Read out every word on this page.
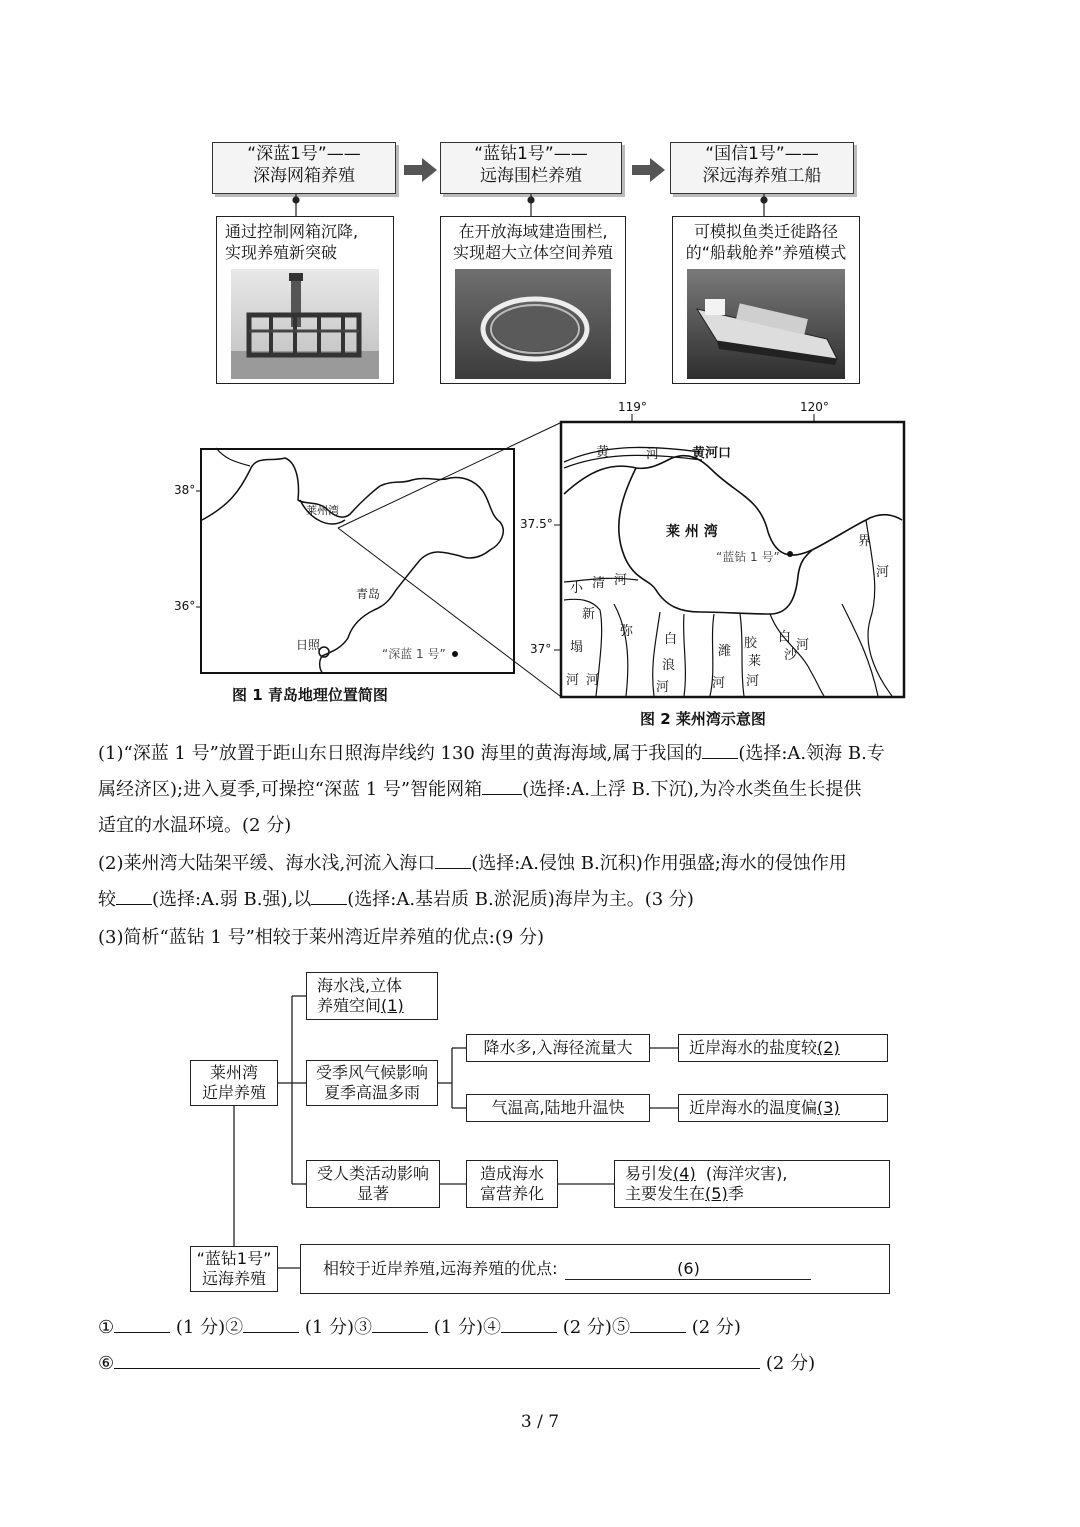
“深蓝1号”——
深海网箱养殖
“蓝钻1号”——
远海围栏养殖
“国信1号”——
深远海养殖工船
通过控制网箱沉降,
实现养殖新突破
在开放海域建造围栏,
实现超大立体空间养殖
可模拟鱼类迁徙路径
的“船载舱养”养殖模式
38°
36°
莱州湾
青岛
日照
“深蓝 1 号”
图 1 青岛地理位置简图
119°	120°
37.5°
37°
黄	河	黄河口
莱 州 湾
“蓝钻 1 号”
小 清 河
新
塌
河
弥
河
白
浪
河
潍
河
胶
莱
河
白
沙
河
界
河
图 2 莱州湾示意图
(1)“深蓝 1 号”放置于距山东日照海岸线约 130 海里的黄海海域,属于我国的 (选择:A.领海 B.专
属经济区);进入夏季,可操控“深蓝 1 号”智能网箱 (选择:A.上浮 B.下沉),为冷水类鱼生长提供
适宜的水温环境。(2 分)
(2)莱州湾大陆架平缓、海水浅,河流入海口 (选择:A.侵蚀 B.沉积)作用强盛;海水的侵蚀作用
较 (选择:A.弱 B.强),以 (选择:A.基岩质 B.淤泥质)海岸为主。(3 分)
(3)简析“蓝钻 1 号”相较于莱州湾近岸养殖的优点:(9 分)
莱州湾
近岸养殖
海水浅,立体
养殖空间(1)
受季风气候影响
夏季高温多雨
降水多,入海径流量大
气温高,陆地升温快
近岸海水的盐度较 (2)
近岸海水的温度偏 (3)
受人类活动影响
显著
造成海水
富营养化
易引发(4) (海洋灾害),
主要发生在(5)季
“蓝钻1号”
远海养殖
相较于近岸养殖,远海养殖的优点:	(6)
①	(1 分)②	(1 分)③	(1 分)④	(2 分)⑤	(2 分)
⑥	(2 分)
3 / 7
